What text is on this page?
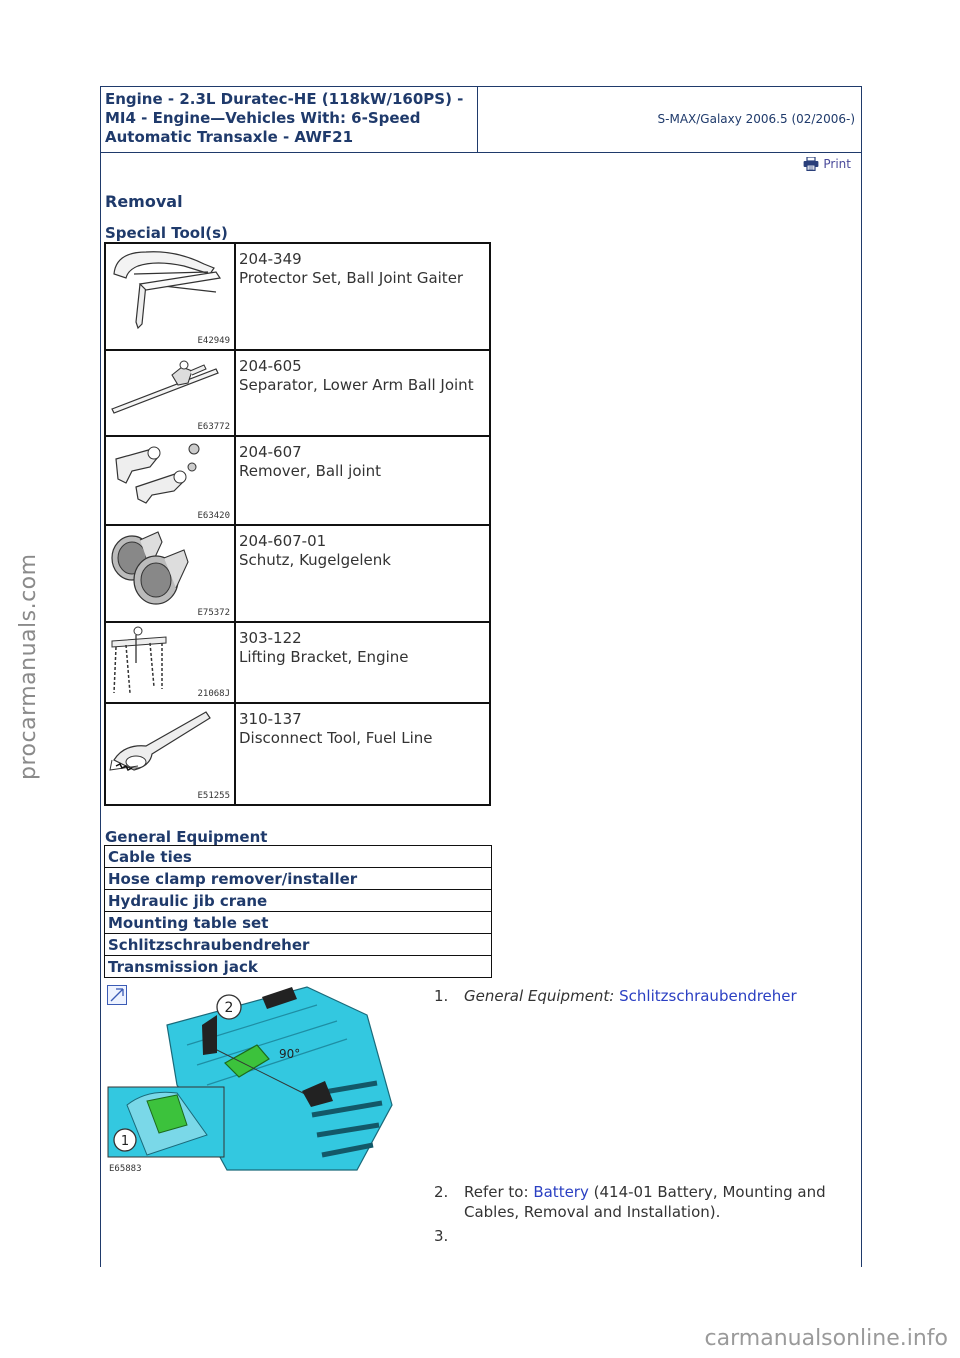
Engine - 2.3L Duratec-HE (118kW/160PS) - MI4 - Engine—Vehicles With: 6-Speed Automatic Transaxle - AWF21
S-MAX/Galaxy 2006.5 (02/2006-)
Print
Removal
Special Tool(s)
E42949	204-349
Protector Set, Ball Joint Gaiter

E63772	204-605
Separator, Lower Arm Ball Joint

E63420	204-607
Remover, Ball joint

E75372	204-607-01
Schutz, Kugelgelenk

21068J	303-122
Lifting Bracket, Engine

E51255	310-137
Disconnect Tool, Fuel Line
General Equipment
Cable ties
Hose clamp remover/installer
Hydraulic jib crane
Mounting table set
Schlitzschraubendreher
Transmission jack
2
90°
1
E65883
1. General Equipment: Schlitzschraubendreher
2. Refer to: Battery (414-01 Battery, Mounting and Cables, Removal and Installation).
3.
procarmanuals.com
carmanualsonline.info
